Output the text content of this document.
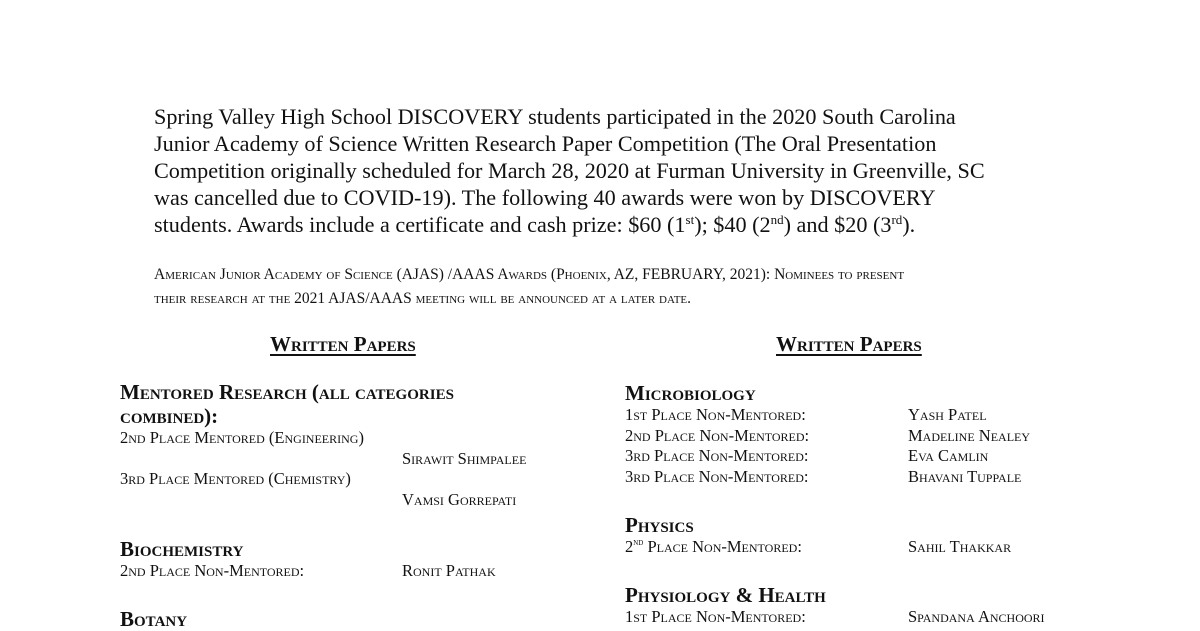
Spring Valley High School DISCOVERY students participated in the 2020 South Carolina
Junior Academy of Science Written Research Paper Competition (The Oral Presentation
Competition originally scheduled for March 28, 2020 at Furman University in Greenville, SC
was cancelled due to COVID-19). The following 40 awards were won by DISCOVERY
students. Awards include a certificate and cash prize: $60 (1st); $40 (2nd) and $20 (3rd).

American Junior Academy of Science (AJAS) /AAAS Awards (Phoenix, AZ, FEBRUARY, 2021): Nominees to present
their research at the 2021 AJAS/AAAS meeting will be announced at a later date.

Written Papers
Mentored Research (all categories combined):
2nd Place Mentored (Engineering)
Sirawit Shimpalee
3rd Place Mentored (Chemistry)
Vamsi Gorrepati
Biochemistry
2nd Place Non-Mentored:	Ronit Pathak
Botany
Written Papers
Microbiology
1st Place Non-Mentored:	Yash Patel
2nd Place Non-Mentored:	Madeline Nealey
3rd Place Non-Mentored:	Eva Camlin
3rd Place Non-Mentored:	Bhavani Tuppale
Physics
2nd Place Non-Mentored:	Sahil Thakkar
Physiology & Health
1st Place Non-Mentored:	Spandana Anchoori
